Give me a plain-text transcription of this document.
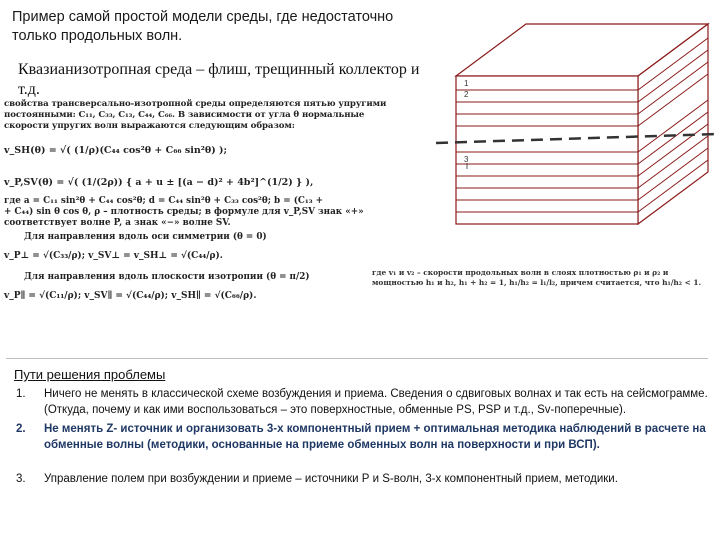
Пример самой простой модели среды, где недостаточно только продольных волн.
Квазианизотропная среда – флиш, трещинный коллектор и т.д.
свойства трансверсально-изотропной среды определяются пятью упругими постоянными: C₁₁, C₃₃, C₁₃, C₄₄, C₆₆. В зависимости от угла θ нормальные скорости упругих волн выражаются следующим образом:
v_SH(θ) = √( (1/ρ)(C₄₄ cos²θ + C₆₆ sin²θ) );
v_P,SV(θ) = √( (1/(2ρ)) { a + u ± [(a − d)² + 4b²]^(1/2) } ),
где a = C₁₁ sin²θ + C₄₄ cos²θ; d = C₄₄ sin²θ + C₃₃ cos²θ; b = (C₁₃ +
+ C₄₄) sin θ cos θ, ρ – плотность среды; в формуле для v_P,SV знак «+»
соответствует волне P, а знак «−» волне SV.
Для направления вдоль оси симметрии (θ = 0)
v_P⊥ = √(C₃₃/ρ); v_SV⊥ = v_SH⊥ = √(C₄₄/ρ).
Для направления вдоль плоскости изотропии (θ = π/2)
v_P∥ = √(C₁₁/ρ); v_SV∥ = √(C₄₄/ρ); v_SH∥ = √(C₆₆/ρ).
где v₁ и v₂ – скорости продольных волн в слоях плотностью ρ₁ и ρ₂ и мощностью h₁ и h₂, h₁ + h₂ = 1, h₁/h₂ = l₁/l₂, причем считается, что h₁/h₂ < 1.
1
2
3
Пути решения проблемы
1. Ничего не менять в классической схеме возбуждения и приема. Сведения о сдвиговых волнах и так есть на сейсмограмме. (Откуда, почему и как ими воспользоваться – это поверхностные, обменные PS, PSP и т.д., Sv-поперечные).
2. Не менять Z- источник и организовать 3-х компонентный прием + оптимальная методика наблюдений в расчете на обменные волны (методики, основанные на приеме обменных волн на поверхности и при ВСП).
3. Управление полем при возбуждении и приеме – источники Р и S-волн, 3-х компонентный прием, методики.
